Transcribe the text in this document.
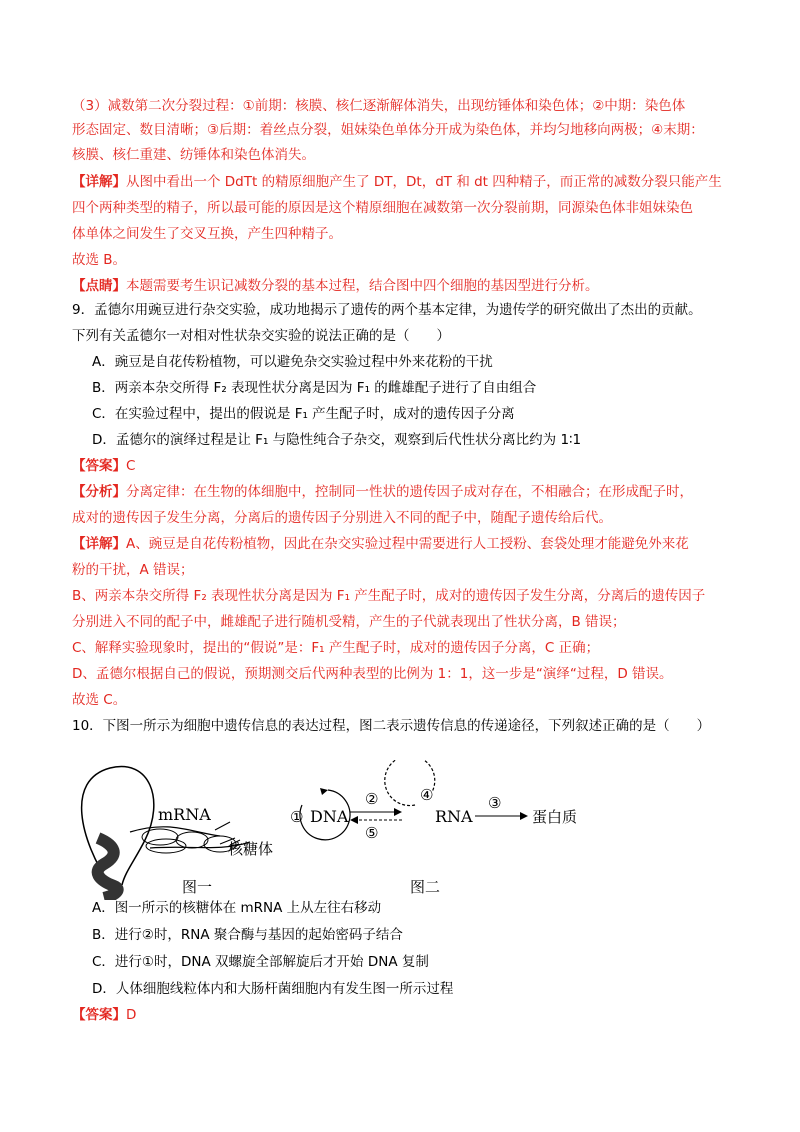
（3）减数第二次分裂过程：①前期：核膜、核仁逐渐解体消失，出现纺锤体和染色体；②中期：染色体
形态固定、数目清晰；③后期：着丝点分裂，姐妹染色单体分开成为染色体，并均匀地移向两极；④末期：
核膜、核仁重建、纺锤体和染色体消失。
【详解】从图中看出一个 DdTt 的精原细胞产生了 DT，Dt，dT 和 dt 四种精子，而正常的减数分裂只能产生
四个两种类型的精子，所以最可能的原因是这个精原细胞在减数第一次分裂前期，同源染色体非姐妹染色
体单体之间发生了交叉互换，产生四种精子。
故选 B。
【点睛】本题需要考生识记减数分裂的基本过程，结合图中四个细胞的基因型进行分析。
9．孟德尔用豌豆进行杂交实验，成功地揭示了遗传的两个基本定律，为遗传学的研究做出了杰出的贡献。
下列有关孟德尔一对相对性状杂交实验的说法正确的是（　　）
A．豌豆是自花传粉植物，可以避免杂交实验过程中外来花粉的干扰
B．两亲本杂交所得 F₂ 表现性状分离是因为 F₁ 的雌雄配子进行了自由组合
C．在实验过程中，提出的假说是 F₁ 产生配子时，成对的遗传因子分离
D．孟德尔的演绎过程是让 F₁ 与隐性纯合子杂交，观察到后代性状分离比约为 1∶1
【答案】C
【分析】分离定律：在生物的体细胞中，控制同一性状的遗传因子成对存在，不相融合；在形成配子时，
成对的遗传因子发生分离，分离后的遗传因子分别进入不同的配子中，随配子遗传给后代。
【详解】A、豌豆是自花传粉植物，因此在杂交实验过程中需要进行人工授粉、套袋处理才能避免外来花
粉的干扰，A 错误；
B、两亲本杂交所得 F₂ 表现性状分离是因为 F₁ 产生配子时，成对的遗传因子发生分离，分离后的遗传因子
分别进入不同的配子中，雌雄配子进行随机受精，产生的子代就表现出了性状分离，B 错误；
C、解释实验现象时，提出的“假说”是：F₁ 产生配子时，成对的遗传因子分离，C 正确；
D、孟德尔根据自己的假说，预期测交后代两种表型的比例为 1：1，这一步是“演绎“过程，D 错误。
故选 C。
10．下图一所示为细胞中遗传信息的表达过程，图二表示遗传信息的传递途径，下列叙述正确的是（　　）
mRNA
核糖体
① DNA
②
⑤
④
RNA
③
蛋白质
图一	图二
A．图一所示的核糖体在 mRNA 上从左往右移动
B．进行②时，RNA 聚合酶与基因的起始密码子结合
C．进行①时，DNA 双螺旋全部解旋后才开始 DNA 复制
D．人体细胞线粒体内和大肠杆菌细胞内有发生图一所示过程
【答案】D
